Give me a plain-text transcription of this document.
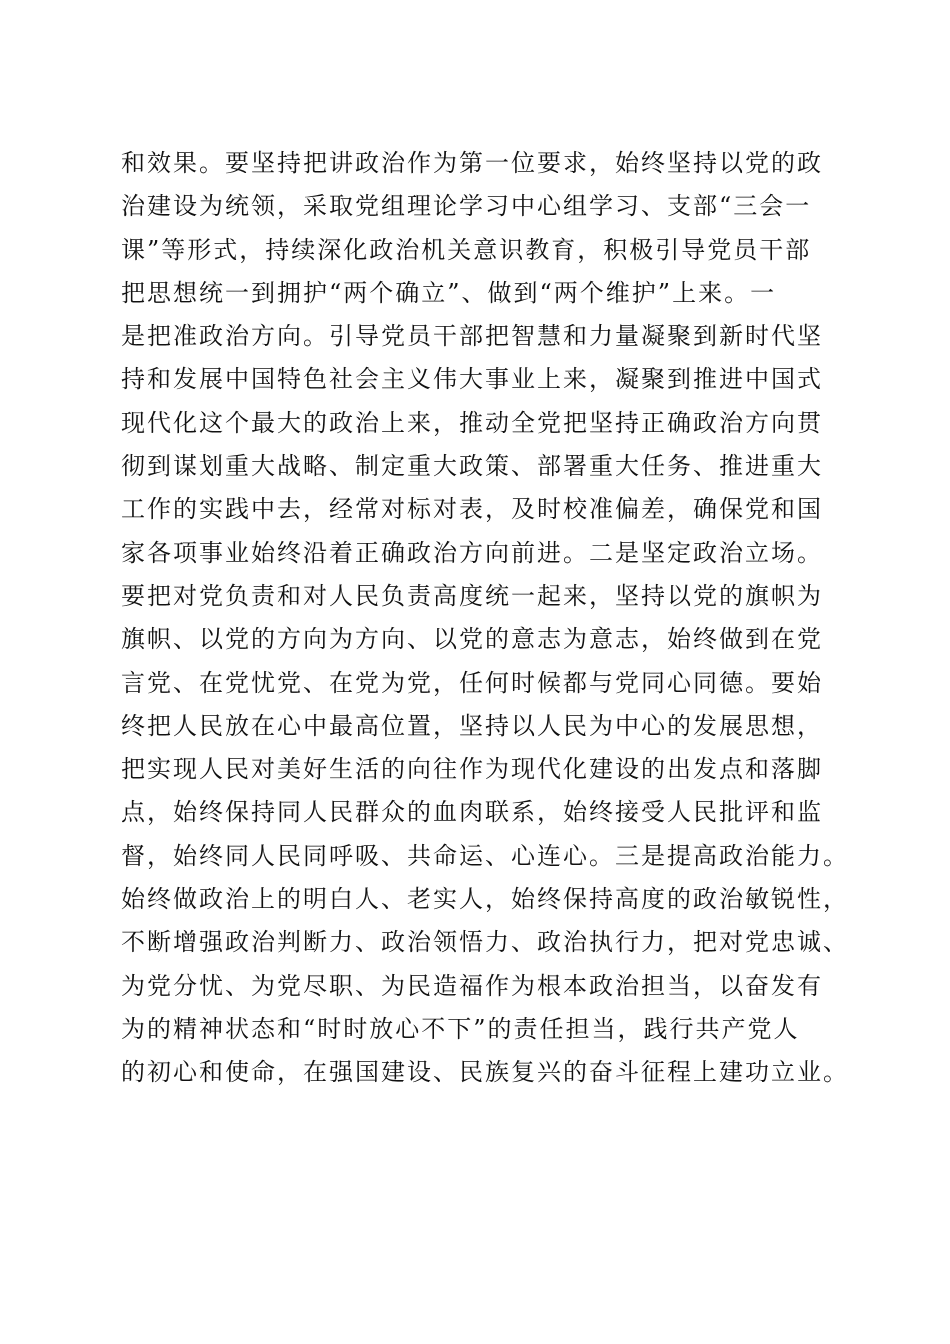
和效果。要坚持把讲政治作为第一位要求，始终坚持以党的政
治建设为统领，采取党组理论学习中心组学习、支部“三会一
课”等形式，持续深化政治机关意识教育，积极引导党员干部
把思想统一到拥护“两个确立”、做到“两个维护”上来。一
是把准政治方向。引导党员干部把智慧和力量凝聚到新时代坚
持和发展中国特色社会主义伟大事业上来，凝聚到推进中国式
现代化这个最大的政治上来，推动全党把坚持正确政治方向贯
彻到谋划重大战略、制定重大政策、部署重大任务、推进重大
工作的实践中去，经常对标对表，及时校准偏差，确保党和国
家各项事业始终沿着正确政治方向前进。二是坚定政治立场。
要把对党负责和对人民负责高度统一起来，坚持以党的旗帜为
旗帜、以党的方向为方向、以党的意志为意志，始终做到在党
言党、在党忧党、在党为党，任何时候都与党同心同德。要始
终把人民放在心中最高位置，坚持以人民为中心的发展思想，
把实现人民对美好生活的向往作为现代化建设的出发点和落脚
点，始终保持同人民群众的血肉联系，始终接受人民批评和监
督，始终同人民同呼吸、共命运、心连心。三是提高政治能力。
始终做政治上的明白人、老实人，始终保持高度的政治敏锐性，
不断增强政治判断力、政治领悟力、政治执行力，把对党忠诚、
为党分忧、为党尽职、为民造福作为根本政治担当，以奋发有
为的精神状态和“时时放心不下”的责任担当，践行共产党人
的初心和使命，在强国建设、民族复兴的奋斗征程上建功立业。
